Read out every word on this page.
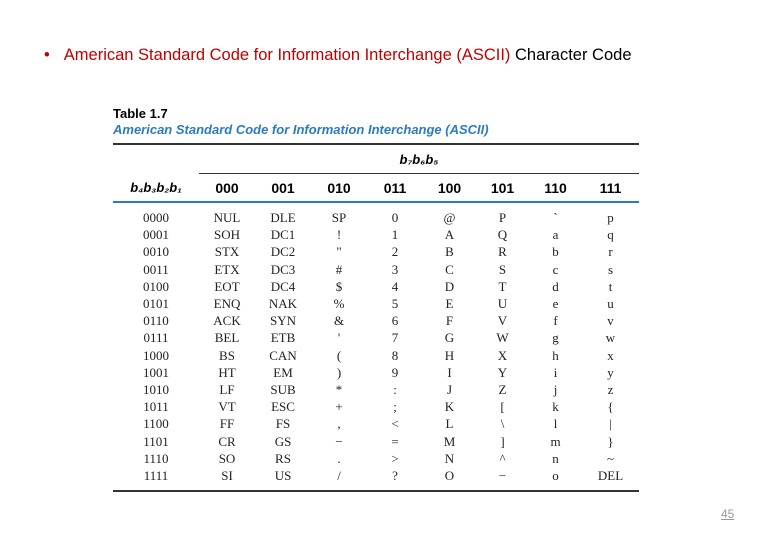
• American Standard Code for Information Interchange (ASCII) Character Code
Table 1.7
American Standard Code for Information Interchange (ASCII)

	b₇b₆b₅							
b₄b₃b₂b₁	000	001	010	011	100	101	110	111
0000	NUL	DLE	SP	0	@	P	`	p
0001	SOH	DC1	!	1	A	Q	a	q
0010	STX	DC2	"	2	B	R	b	r
0011	ETX	DC3	#	3	C	S	c	s
0100	EOT	DC4	$	4	D	T	d	t
0101	ENQ	NAK	%	5	E	U	e	u
0110	ACK	SYN	&	6	F	V	f	v
0111	BEL	ETB	'	7	G	W	g	w
1000	BS	CAN	(	8	H	X	h	x
1001	HT	EM	)	9	I	Y	i	y
1010	LF	SUB	*	:	J	Z	j	z
1011	VT	ESC	+	;	K	[	k	{
1100	FF	FS	,	<	L	\	l	|
1101	CR	GS	−	=	M	]	m	}
1110	SO	RS	.	>	N	^	n	~
1111	SI	US	/	?	O	−	o	DEL
45
